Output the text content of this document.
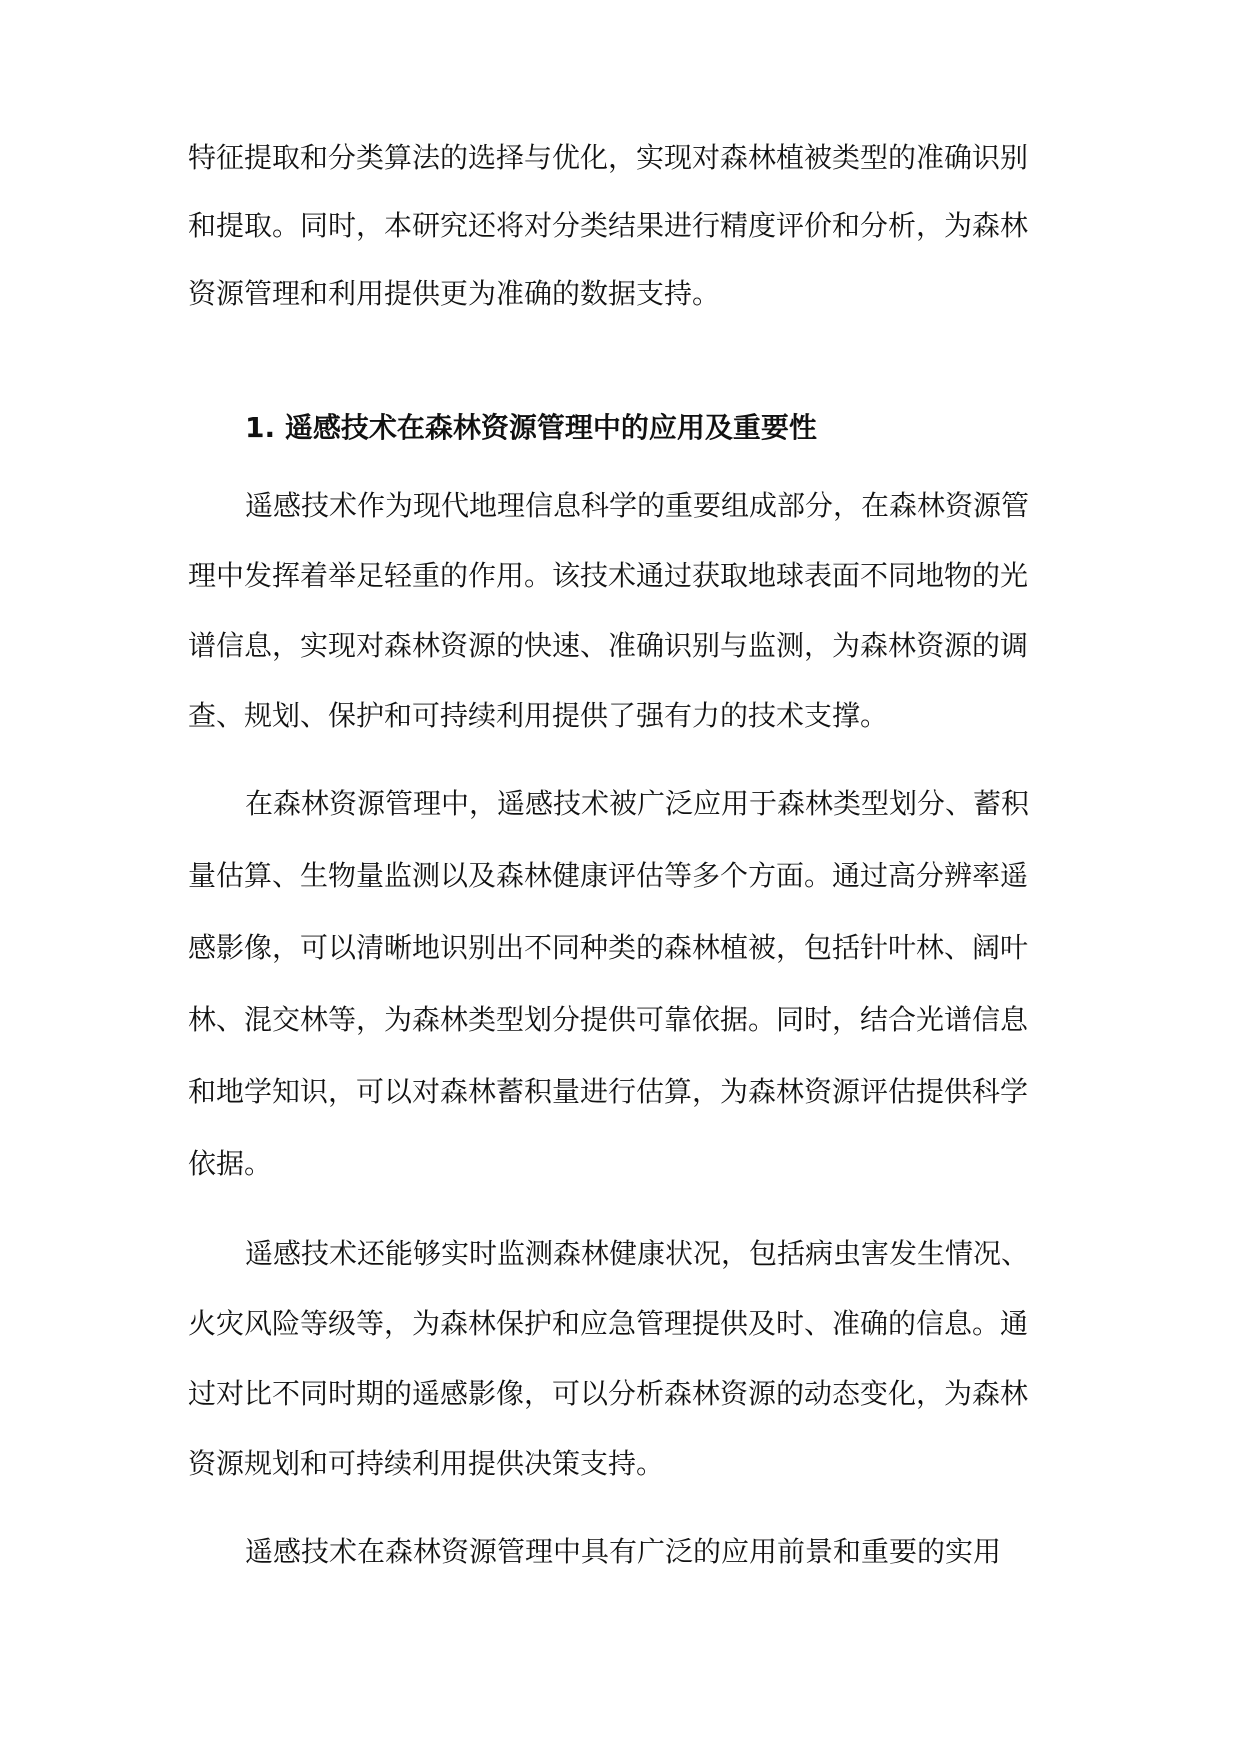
特征提取和分类算法的选择与优化，实现对森林植被类型的准确识别
和提取。同时，本研究还将对分类结果进行精度评价和分析，为森林
资源管理和利用提供更为准确的数据支持。
1. 遥感技术在森林资源管理中的应用及重要性
遥感技术作为现代地理信息科学的重要组成部分，在森林资源管
理中发挥着举足轻重的作用。该技术通过获取地球表面不同地物的光
谱信息，实现对森林资源的快速、准确识别与监测，为森林资源的调
查、规划、保护和可持续利用提供了强有力的技术支撑。
在森林资源管理中，遥感技术被广泛应用于森林类型划分、蓄积
量估算、生物量监测以及森林健康评估等多个方面。通过高分辨率遥
感影像，可以清晰地识别出不同种类的森林植被，包括针叶林、阔叶
林、混交林等，为森林类型划分提供可靠依据。同时，结合光谱信息
和地学知识，可以对森林蓄积量进行估算，为森林资源评估提供科学
依据。
遥感技术还能够实时监测森林健康状况，包括病虫害发生情况、
火灾风险等级等，为森林保护和应急管理提供及时、准确的信息。通
过对比不同时期的遥感影像，可以分析森林资源的动态变化，为森林
资源规划和可持续利用提供决策支持。
遥感技术在森林资源管理中具有广泛的应用前景和重要的实用
